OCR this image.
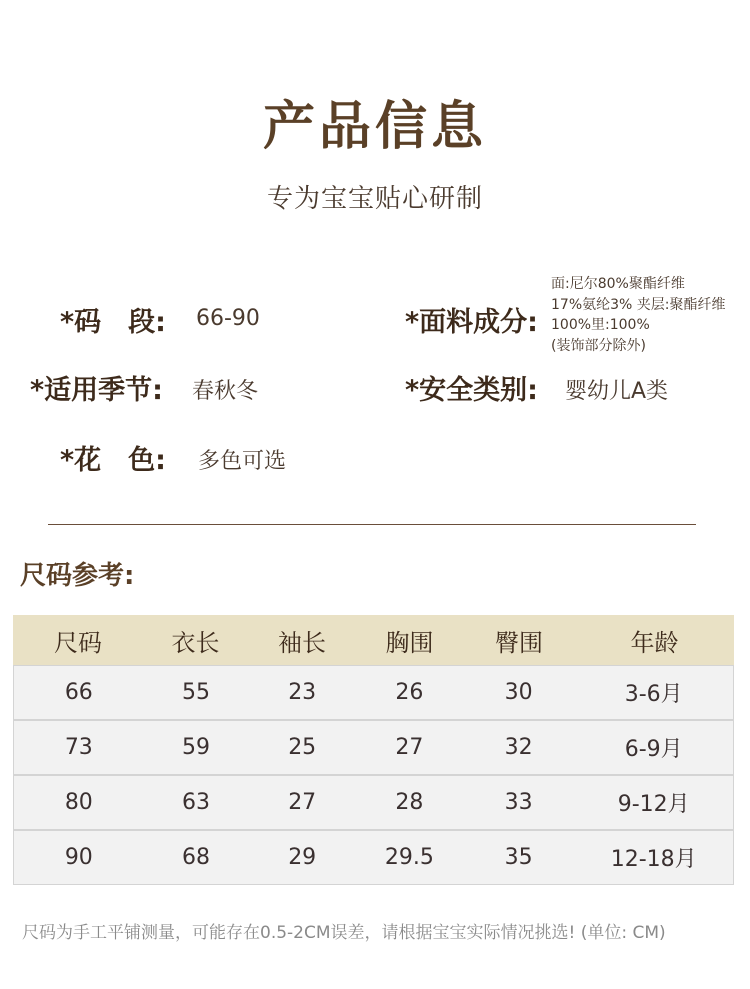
产品信息
专为宝宝贴心研制
*码　段: 66-90
*适用季节: 春秋冬
*花　色: 多色可选
*面料成分:
面:尼尔80%聚酯纤维
17%氨纶3% 夹层:聚酯纤维
100%里:100%
(装饰部分除外)
*安全类别: 婴幼儿A类
尺码参考:
尺码	衣长	袖长	胸围	臀围	年龄
66	55	23	26	30	3-6月
73	59	25	27	32	6-9月
80	63	27	28	33	9-12月
90	68	29	29.5	35	12-18月
尺码为手工平铺测量，可能存在0.5-2CM误差，请根据宝宝实际情况挑选! (单位: CM)
